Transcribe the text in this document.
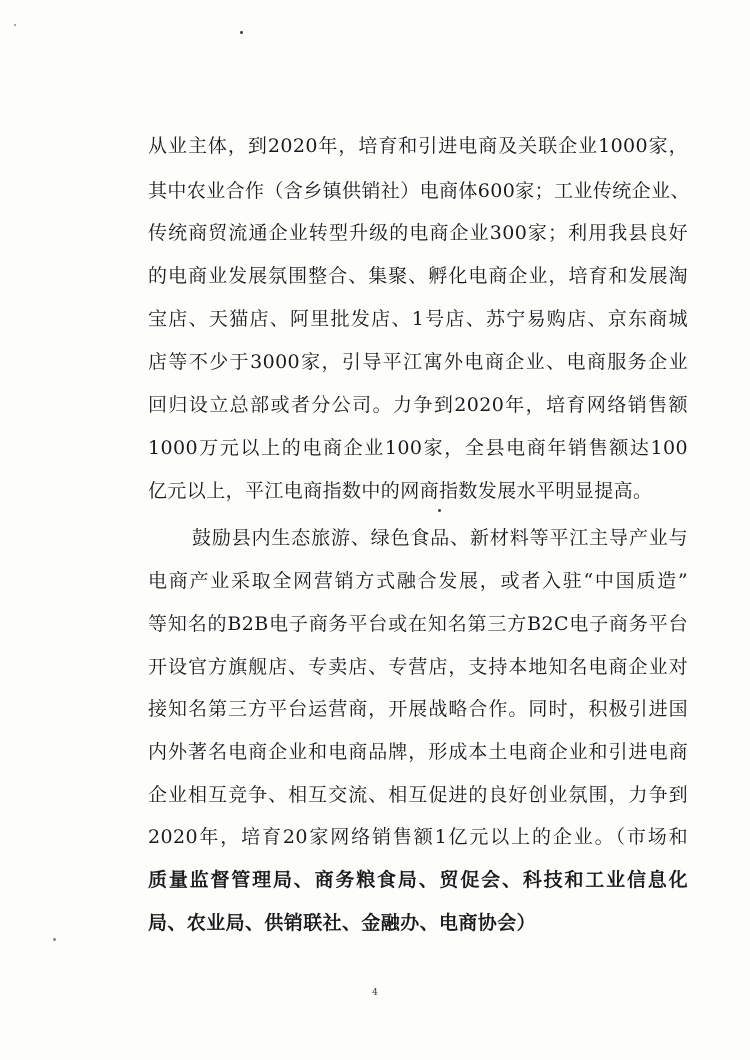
从业主体，到2020年，培育和引进电商及关联企业1000家，
其中农业合作（含乡镇供销社）电商体600家；工业传统企业、
传统商贸流通企业转型升级的电商企业300家；利用我县良好
的电商业发展氛围整合、集聚、孵化电商企业，培育和发展淘
宝店、天猫店、阿里批发店、1号店、苏宁易购店、京东商城
店等不少于3000家，引导平江寓外电商企业、电商服务企业
回归设立总部或者分公司。力争到2020年，培育网络销售额
1000万元以上的电商企业100家，全县电商年销售额达100
亿元以上，平江电商指数中的网商指数发展水平明显提高。
鼓励县内生态旅游、绿色食品、新材料等平江主导产业与
电商产业采取全网营销方式融合发展，或者入驻“中国质造”
等知名的B2B电子商务平台或在知名第三方B2C电子商务平台
开设官方旗舰店、专卖店、专营店，支持本地知名电商企业对
接知名第三方平台运营商，开展战略合作。同时，积极引进国
内外著名电商企业和电商品牌，形成本土电商企业和引进电商
企业相互竞争、相互交流、相互促进的良好创业氛围，力争到
2020年，培育20家网络销售额1亿元以上的企业。（市场和
质量监督管理局、商务粮食局、贸促会、科技和工业信息化
局、农业局、供销联社、金融办、电商协会）
4
